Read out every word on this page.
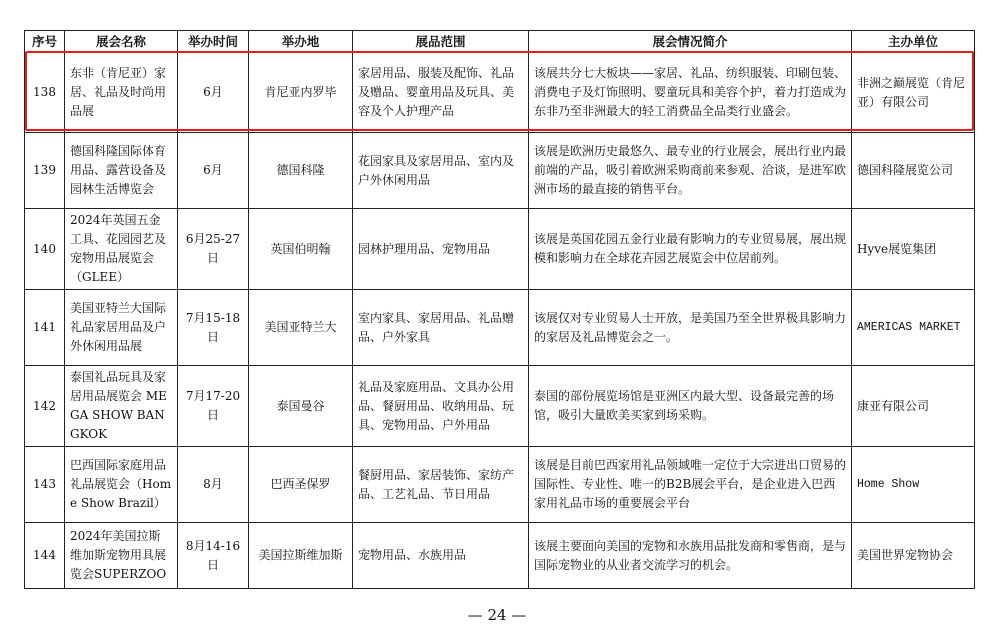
序号	展会名称	举办时间	举办地	展品范围	展会情况简介	主办单位
138	东非（肯尼亚）家居、礼品及时尚用品展	6月	肯尼亚内罗毕	家居用品、服装及配饰、礼品及赠品、婴童用品及玩具、美容及个人护理产品	该展共分七大板块——家居、礼品、纺织服装、印刷包装、消费电子及灯饰照明、婴童玩具和美容个护，着力打造成为东非乃至非洲最大的轻工消费品全品类行业盛会。	非洲之巅展览（肯尼亚）有限公司
139	德国科隆国际体育用品、露营设备及园林生活博览会	6月	德国科隆	花园家具及家居用品、室内及户外休闲用品	该展是欧洲历史最悠久、最专业的行业展会，展出行业内最前端的产品，吸引着欧洲采购商前来参观、洽谈，是进军欧洲市场的最直接的销售平台。	德国科隆展览公司
140	2024年英国五金工具、花园园艺及宠物用品展览会（GLEE）	6月25-27日	英国伯明翰	园林护理用品、宠物用品	该展是英国花园五金行业最有影响力的专业贸易展，展出规模和影响力在全球花卉园艺展览会中位居前列。	Hyve展览集团
141	美国亚特兰大国际礼品家居用品及户外休闲用品展	7月15-18日	美国亚特兰大	室内家具、家居用品、礼品赠品、户外家具	该展仅对专业贸易人士开放，是美国乃至全世界极具影响力的家居及礼品博览会之一。	AMERICAS MARKET
142	泰国礼品玩具及家居用品展览会 MEGA SHOW BANGKOK	7月17-20日	泰国曼谷	礼品及家庭用品、文具办公用品、餐厨用品、收纳用品、玩具、宠物用品、户外用品	泰国的部份展览场馆是亚洲区内最大型、设备最完善的场馆，吸引大量欧美买家到场采购。	康亚有限公司
143	巴西国际家庭用品礼品展览会（Home Show Brazil）	8月	巴西圣保罗	餐厨用品、家居装饰、家纺产品、工艺礼品、节日用品	该展是目前巴西家用礼品领域唯一定位于大宗进出口贸易的国际性、专业性、唯一的B2B展会平台，是企业进入巴西家用礼品市场的重要展会平台	Home Show
144	2024年美国拉斯维加斯宠物用具展览会SUPERZOO	8月14-16日	美国拉斯维加斯	宠物用品、水族用品	该展主要面向美国的宠物和水族用品批发商和零售商，是与国际宠物业的从业者交流学习的机会。	美国世界宠物协会
— 24 —
